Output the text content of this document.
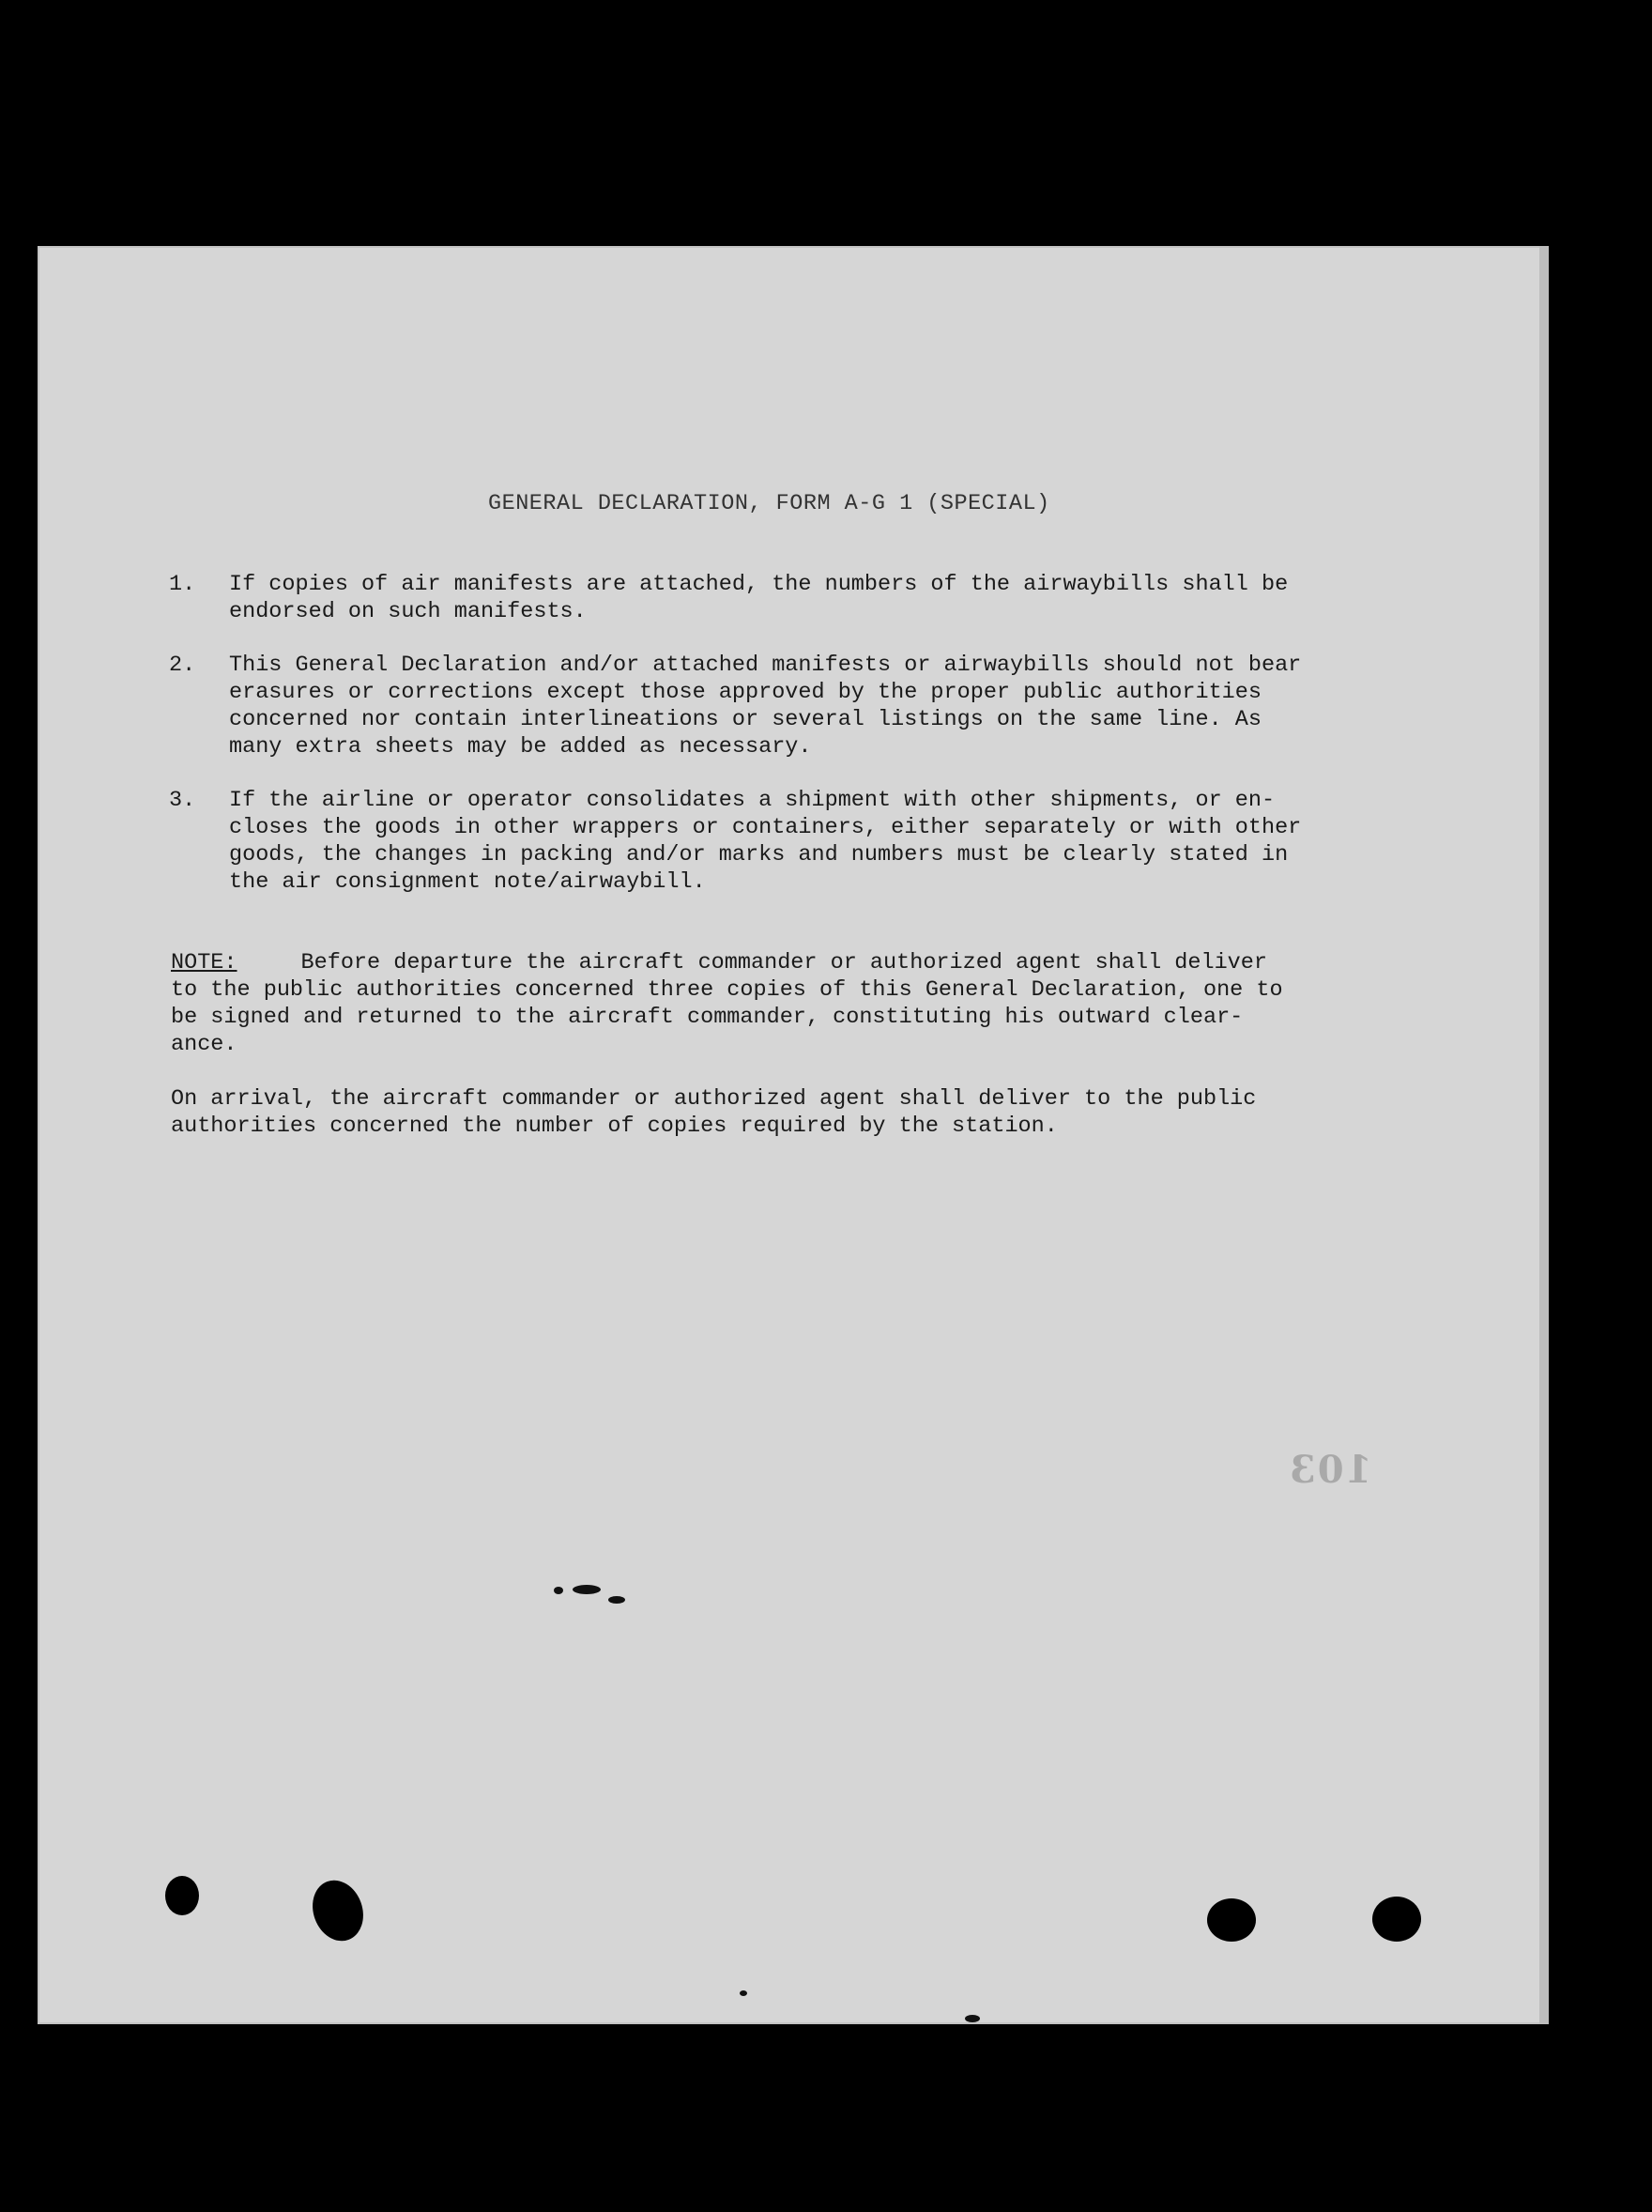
GENERAL DECLARATION, FORM A-G 1 (SPECIAL)
1.	If copies of air manifests are attached, the numbers of the airwaybills shall be
endorsed on such manifests.
2.	This General Declaration and/or attached manifests or airwaybills should not bear
erasures or corrections except those approved by the proper public authorities
concerned nor contain interlineations or several listings on the same line. As
many extra sheets may be added as necessary.
3.	If the airline or operator consolidates a shipment with other shipments, or en-
closes the goods in other wrappers or containers, either separately or with other
goods, the changes in packing and/or marks and numbers must be clearly stated in
the air consignment note/airwaybill.
NOTE:	Before departure the aircraft commander or authorized agent shall deliver
to the public authorities concerned three copies of this General Declaration, one to
be signed and returned to the aircraft commander, constituting his outward clear-
ance.
On arrival, the aircraft commander or authorized agent shall deliver to the public
authorities concerned the number of copies required by the station.
103
